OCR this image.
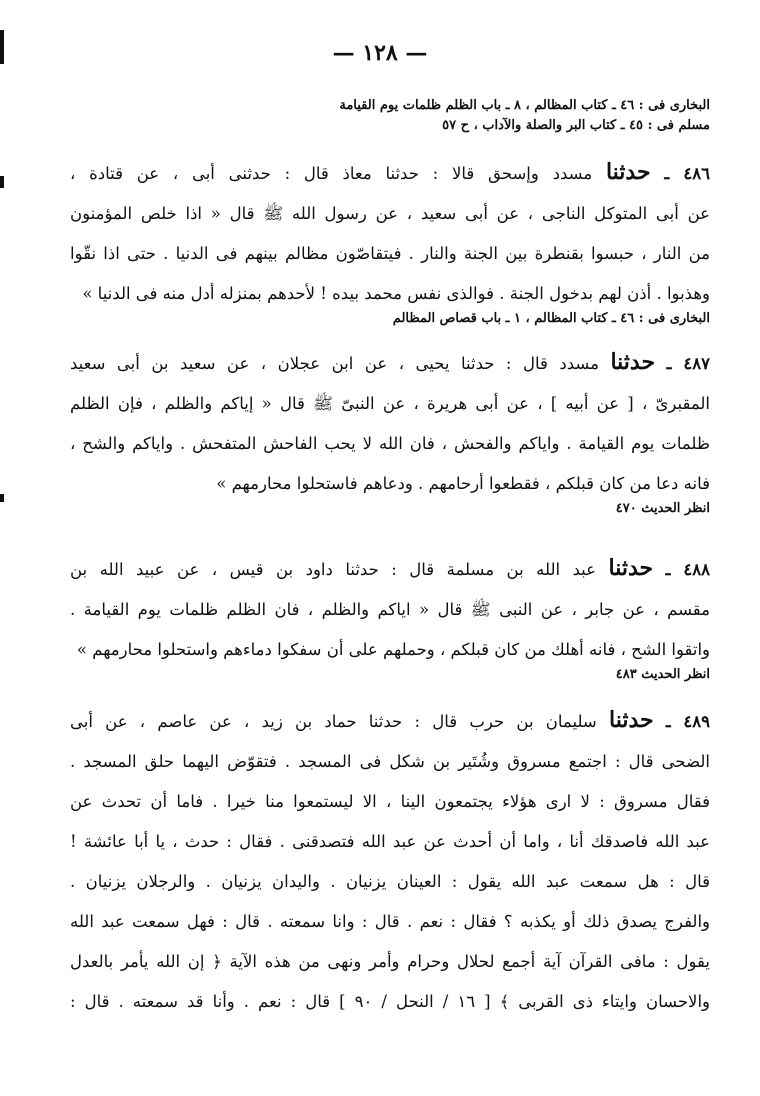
— ١٢٨ —
البخارى فى : ٤٦ ـ كتاب المظالم ، ٨ ـ باب الظلم ظلمات يوم القيامة
مسلم فى : ٤٥ ـ كتاب البر والصلة والآداب ، ح ٥٧
٤٨٦ ـ حدثنا مسدد وإسحق قالا : حدثنا معاذ قال : حدثنى أبى ، عن قتادة ،
عن أبى المتوكل الناجى ، عن أبى سعيد ، عن رسول الله ﷺ قال « اذا خلص المؤمنون
من النار ، حبسوا بقنطرة بين الجنة والنار . فيتقاصّون مظالم بينهم فى الدنيا . حتى اذا نقّوا
وهذبوا . أذن لهم بدخول الجنة . فوالذى نفس محمد بيده ! لأحدهم بمنزله أدل منه فى الدنيا »
البخارى فى : ٤٦ ـ كتاب المظالم ، ١ ـ باب قصاص المظالم
٤٨٧ ـ حدثنا مسدد قال : حدثنا يحيى ، عن ابن عجلان ، عن سعيد بن أبى سعيد
المقبرىّ ، [ عن أبيه ] ، عن أبى هريرة ، عن النبىّ ﷺ قال « إياكم والظلم ، فإن الظلم
ظلمات يوم القيامة . واياكم والفحش ، فان الله لا يحب الفاحش المتفحش . واياكم والشح ،
فانه دعا من كان قبلكم ، فقطعوا أرحامهم . ودعاهم فاستحلوا محارمهم »
انظر الحديث ٤٧٠
٤٨٨ ـ حدثنا عبد الله بن مسلمة قال : حدثنا داود بن قيس ، عن عبيد الله بن
مقسم ، عن جابر ، عن النبى ﷺ قال « اياكم والظلم ، فان الظلم ظلمات يوم القيامة .
واتقوا الشح ، فانه أهلك من كان قبلكم ، وحملهم على أن سفكوا دماءهم واستحلوا محارمهم »
انظر الحديث ٤٨٣
٤٨٩ ـ حدثنا سليمان بن حرب قال : حدثنا حماد بن زيد ، عن عاصم ، عن أبى
الضحى قال : اجتمع مسروق وشُتَير بن شكل فى المسجد . فتقوّض اليهما حلق المسجد .
فقال مسروق : لا ارى هؤلاء يجتمعون الينا ، الا ليستمعوا منا خيرا . فاما أن تحدث عن
عبد الله فاصدقك أنا ، واما أن أحدث عن عبد الله فتصدقنى . فقال : حدث ، يا أبا عائشة !
قال : هل سمعت عبد الله يقول : العينان يزنيان . واليدان يزنيان . والرجلان يزنيان .
والفرج يصدق ذلك أو يكذبه ؟ فقال : نعم . قال : وانا سمعته . قال : فهل سمعت عبد الله
يقول : مافى القرآن آية أجمع لحلال وحرام وأمر ونهى من هذه الآية ﴿ إن الله يأمر بالعدل
والاحسان وايتاء ذى القربى ﴾ [ ١٦ / النحل / ٩٠ ] قال : نعم . وأنا قد سمعته . قال :
